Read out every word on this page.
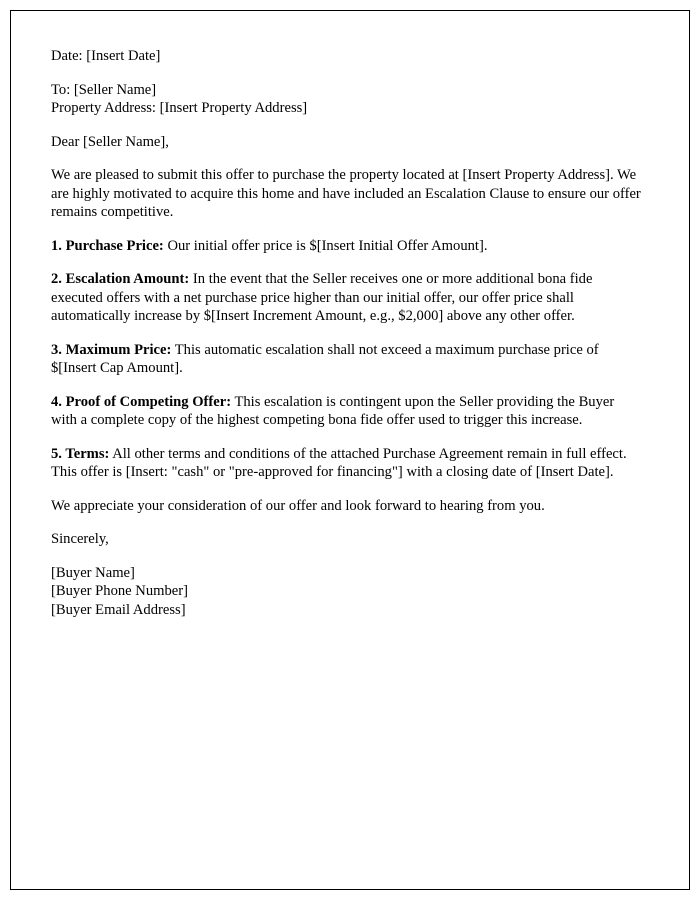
Date: [Insert Date]

To: [Seller Name]
Property Address: [Insert Property Address]

Dear [Seller Name],

We are pleased to submit this offer to purchase the property located at [Insert Property Address]. We are highly motivated to acquire this home and have included an Escalation Clause to ensure our offer remains competitive.

1. Purchase Price: Our initial offer price is $[Insert Initial Offer Amount].

2. Escalation Amount: In the event that the Seller receives one or more additional bona fide executed offers with a net purchase price higher than our initial offer, our offer price shall automatically increase by $[Insert Increment Amount, e.g., $2,000] above any other offer.

3. Maximum Price: This automatic escalation shall not exceed a maximum purchase price of $[Insert Cap Amount].

4. Proof of Competing Offer: This escalation is contingent upon the Seller providing the Buyer with a complete copy of the highest competing bona fide offer used to trigger this increase.

5. Terms: All other terms and conditions of the attached Purchase Agreement remain in full effect. This offer is [Insert: "cash" or "pre-approved for financing"] with a closing date of [Insert Date].

We appreciate your consideration of our offer and look forward to hearing from you.

Sincerely,

[Buyer Name]
[Buyer Phone Number]
[Buyer Email Address]
